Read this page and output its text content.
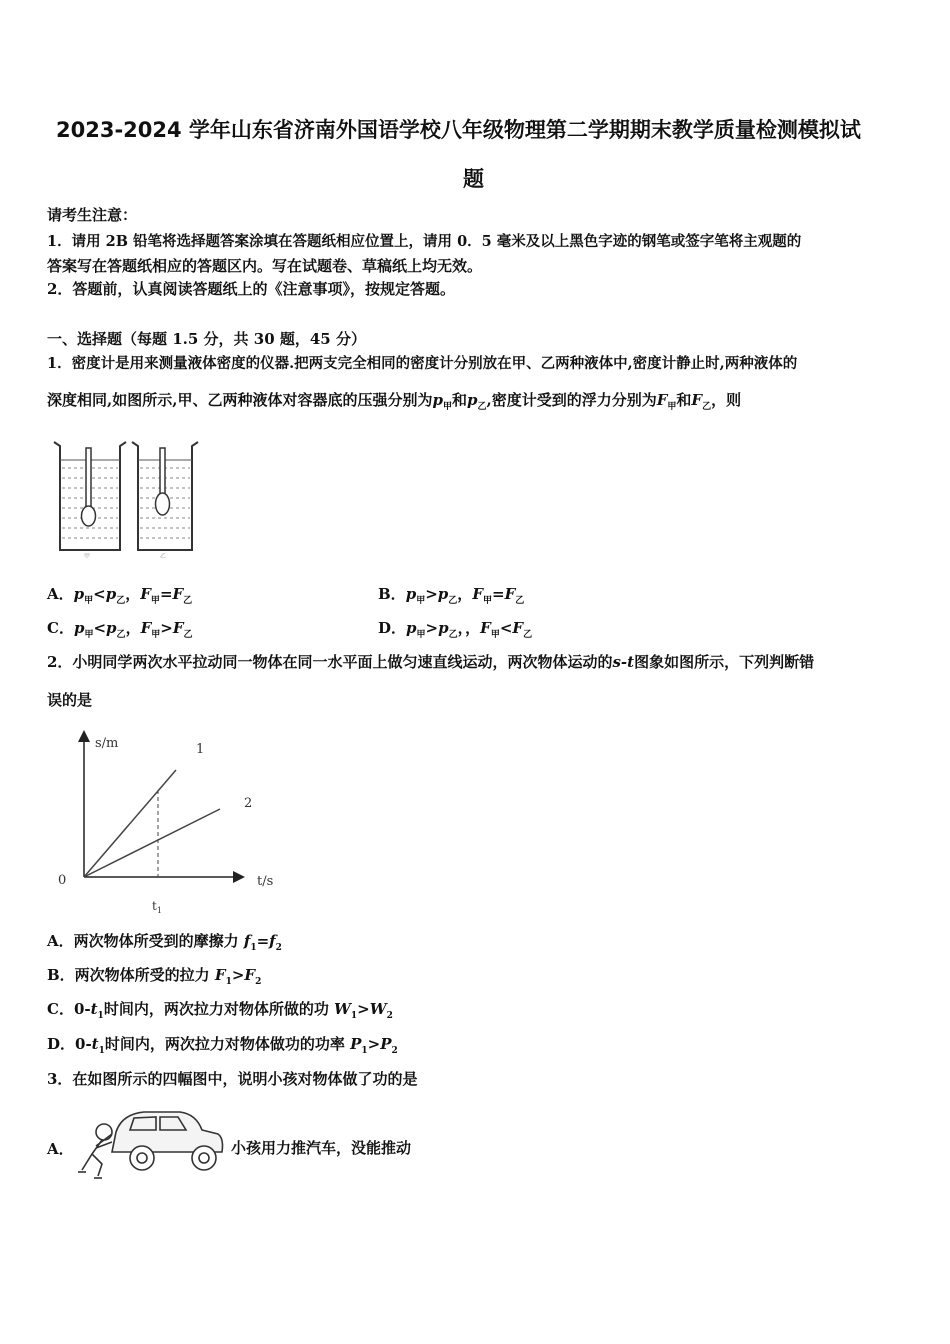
2023-2024 学年山东省济南外国语学校八年级物理第二学期期末教学质量检测模拟试
题
请考生注意：
1．请用 2B 铅笔将选择题答案涂填在答题纸相应位置上，请用 0．5 毫米及以上黑色字迹的钢笔或签字笔将主观题的
答案写在答题纸相应的答题区内。写在试题卷、草稿纸上均无效。
2．答题前，认真阅读答题纸上的《注意事项》，按规定答题。
一、选择题（每题 1.5 分，共 30 题，45 分）
1．密度计是用来测量液体密度的仪器.把两支完全相同的密度计分别放在甲、乙两种液体中,密度计静止时,两种液体的
深度相同,如图所示,甲、乙两种液体对容器底的压强分别为$p_甲$和$p_乙$,密度计受到的浮力分别为$F_甲$和$F_乙$，则
甲	乙
A．$p_甲<p_乙$，$F_甲=F_乙$	B．$p_甲>p_乙$，$F_甲=F_乙$
C．$p_甲<p_乙$，$F_甲>F_乙$	D．$p_甲>p_乙$，，$F_甲<F_乙$
2．小明同学两次水平拉动同一物体在同一水平面上做匀速直线运动，两次物体运动的s-t图象如图所示，下列判断错
误的是
s/m
t/s
0
1
2
$t_1$
A．两次物体所受到的摩擦力 $f_1=f_2$
B．两次物体所受的拉力 $F_1>F_2$
C．$0-t_1$时间内，两次拉力对物体所做的功 $W_1>W_2$
D．$0-t_1$时间内，两次拉力对物体做功的功率 $P_1>P_2$
3．在如图所示的四幅图中，说明小孩对物体做了功的是
A．	小孩用力推汽车，没能推动
